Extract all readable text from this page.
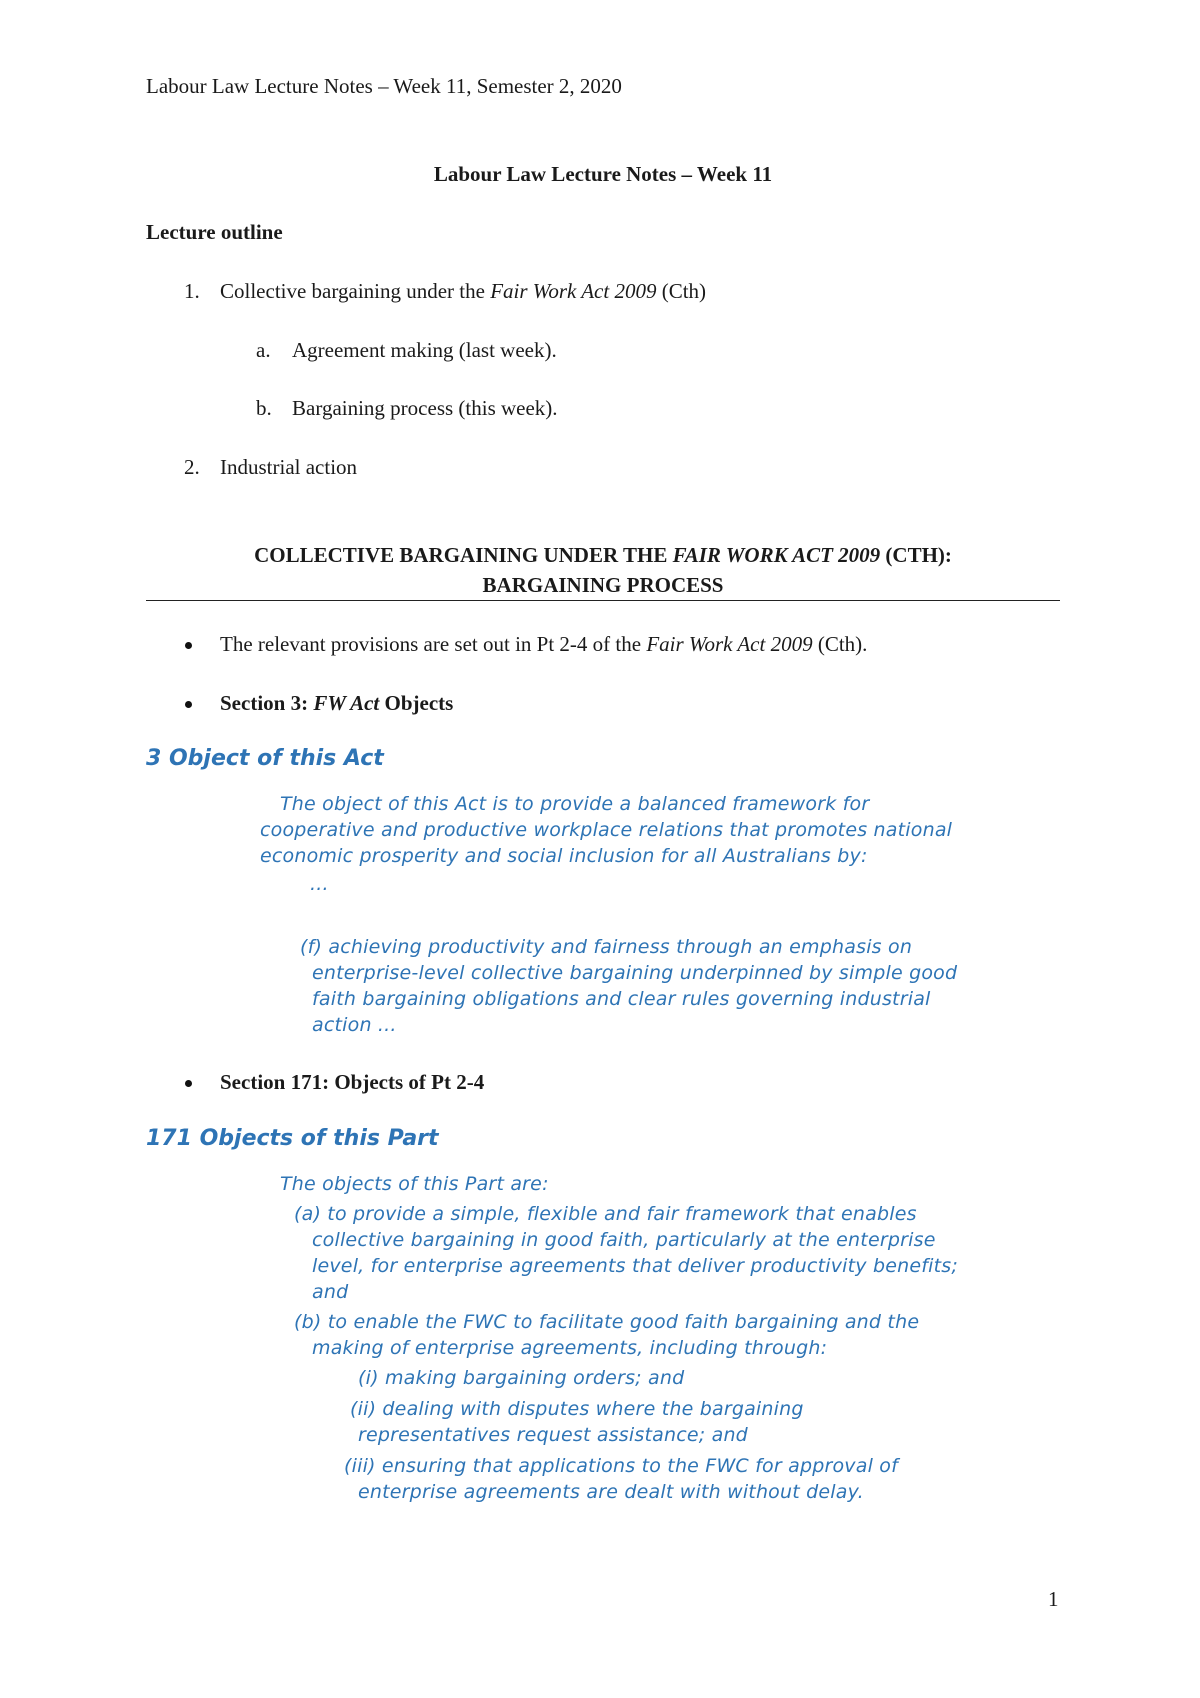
Labour Law Lecture Notes – Week 11, Semester 2, 2020
Labour Law Lecture Notes – Week 11
Lecture outline
1. Collective bargaining under the Fair Work Act 2009 (Cth)
a. Agreement making (last week).
b. Bargaining process (this week).
2. Industrial action
COLLECTIVE BARGAINING UNDER THE FAIR WORK ACT 2009 (CTH):
BARGAINING PROCESS
The relevant provisions are set out in Pt 2-4 of the Fair Work Act 2009 (Cth).
Section 3: FW Act Objects
3 Object of this Act
The object of this Act is to provide a balanced framework for
cooperative and productive workplace relations that promotes national
economic prosperity and social inclusion for all Australians by:
...
(f) achieving productivity and fairness through an emphasis on
enterprise-level collective bargaining underpinned by simple good
faith bargaining obligations and clear rules governing industrial
action ...
Section 171: Objects of Pt 2-4
171 Objects of this Part
The objects of this Part are:
(a) to provide a simple, flexible and fair framework that enables
collective bargaining in good faith, particularly at the enterprise
level, for enterprise agreements that deliver productivity benefits;
and
(b) to enable the FWC to facilitate good faith bargaining and the
making of enterprise agreements, including through:
(i) making bargaining orders; and
(ii) dealing with disputes where the bargaining
representatives request assistance; and
(iii) ensuring that applications to the FWC for approval of
enterprise agreements are dealt with without delay.
1
